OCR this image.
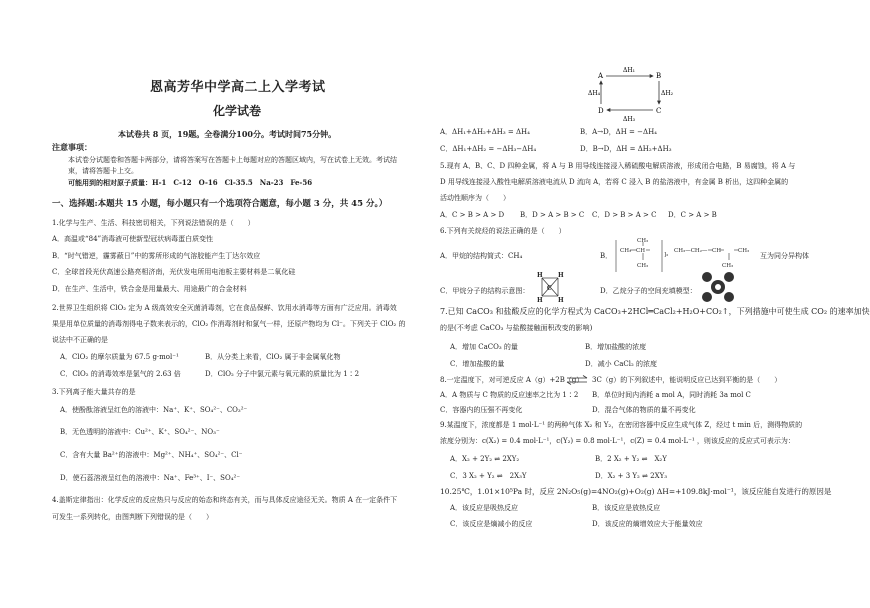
恩高芳华中学高二上入学考试
化学试卷
本试卷共 8 页，19题。全卷满分100分。考试时间75分钟。
注意事项：
本试卷分试题卷和答题卡两部分，请将答案写在答题卡上每题对应的答题区域内，写在试卷上无效。考试结
束，请将答题卡上交。
可能用到的相对原子质量：H-1　C-12　O-16　Cl-35.5　Na-23　Fe-56
一、选择题:本题共 15 小题，每小题只有一个选项符合题意，每小题 3 分，共 45 分。）
1.化学与生产、生活、科技密切相关，下列说法错误的是（　　）
A．高温或“84”消毒液可使新型冠状病毒蛋白质变性
B．“时气错逆，霾雾蔽日”中的雾所形成的气溶胶能产生丁达尔效应
C．全球首段光伏高速公路亮相济南，光伏发电所用电池板主要材料是二氧化硅
D．在生产、生活中，铁合金是用量最大、用途最广的合金材料
2.世界卫生组织将 ClO₂ 定为 A 级高效安全灭菌消毒剂，它在食品保鲜、饮用水消毒等方面有广泛应用。消毒效
果是用单位质量的消毒剂得电子数来表示的，ClO₂ 作消毒剂时和氯气一样，还原产物均为 Cl⁻。下列关于 ClO₂ 的
说法中不正确的是
A．ClO₂ 的摩尔质量为 67.5 g·mol⁻¹	B．从分类上来看，ClO₂ 属于非金属氧化物
C．ClO₂ 的消毒效率是氯气的 2.63 倍	D．ClO₂ 分子中氯元素与氧元素的质量比为 1∶2
3.下列离子能大量共存的是
A．使酚酞溶液呈红色的溶液中：Na⁺、K⁺、SO₄²⁻、CO₃²⁻
B．无色透明的溶液中：Cu²⁺、K⁺、SO₄²⁻、NO₃⁻
C．含有大量 Ba²⁺的溶液中：Mg²⁺、NH₄⁺、SO₄²⁻、Cl⁻
D．使石蕊溶液呈红色的溶液中：Na⁺、Fe³⁺、I⁻、SO₄²⁻
4.盖斯定律指出：化学反应的反应热只与反应的始态和终态有关，而与具体反应途径无关。物质 A 在一定条件下
可发生一系列转化，由图判断下列错误的是（　　）
A	B
D	C
ΔH₁
ΔH₂
ΔH₃
ΔH₄
A．ΔH₁+ΔH₂+ΔH₃ = ΔH₄	B．A→D，ΔH = −ΔH₄
C．ΔH₁+ΔH₂ = −ΔH₃−ΔH₄	D．B→D，ΔH = ΔH₂+ΔH₃
5.现有 A、B、C、D 四种金属，将 A 与 B 用导线连接浸入稀硫酸电解质溶液，形成闭合电路，B 易腐蚀，将 A 与
D 用导线连接浸入酸性电解质溶液电流从 D 流向 A，若将 C 浸入 B 的盐溶液中，有金属 B 析出，这四种金属的
活动性顺序为（　　）
A．C > B > A > D B．D > A > B > C C．D > B > A > C D．C > A > B
6.下列有关烷烃的说法正确的是（　　）
A．甲烷的结构简式：CH₄	B．
CH₃ CH
CH₃
CH₃
]₂
CH₃—CH₂— CH	CH₃
CH₃
互为同分异构体
C．甲烷分子的结构示意图：
H	H
H	H
C	D．乙烷分子的空间充填模型：
7.已知 CaCO₃ 和盐酸反应的化学方程式为 CaCO₃+2HCl═CaCl₂+H₂O+CO₂↑，下列措施中可使生成 CO₂ 的速率加快
的是(不考虑 CaCO₃ 与盐酸接触面积改变的影响)
A．增加 CaCO₃ 的量	B．增加盐酸的浓度
C．增加盐酸的量	D．减小 CaCl₂ 的浓度
8.一定温度下，对可逆反应 A（g）+2B（g） ⇌ 3C（g）的下列叙述中，能说明反应已达到平衡的是（　　）
A．A 物质与 C 物质的反应速率之比为 1∶2 B．单位时间内消耗 a mol A，同时消耗 3a mol C
C．容器内的压强不再变化	D．混合气体的物质的量不再变化
9.某温度下，浓度都是 1 mol·L⁻¹ 的两种气体 X₂ 和 Y₂，在密闭容器中反应生成气体 Z，经过 t min 后，测得物质的
浓度分别为：c(X₂) = 0.4 mol·L⁻¹，c(Y₂) = 0.8 mol·L⁻¹，c(Z) = 0.4 mol·L⁻¹ ，则该反应的反应式可表示为：
A．X₂ + 2Y₂ ⇌ 2XY₂	B．2 X₂ + Y₂ ⇌　X₂Y
C．3 X₂ + Y₂ ⇌　2X₃Y	D．X₂ + 3 Y₂ ⇌ 2XY₃
10.25℃，1.01×10⁵Pa 时，反应 2N₂O₅(g)=4NO₂(g)+O₂(g) ΔH=+109.8kJ·mol⁻¹，该反应能自发进行的原因是
A．该反应是吸热反应	B．该反应是放热反应
C．该反应是熵减小的反应	D．该反应的熵增效应大于能量效应
